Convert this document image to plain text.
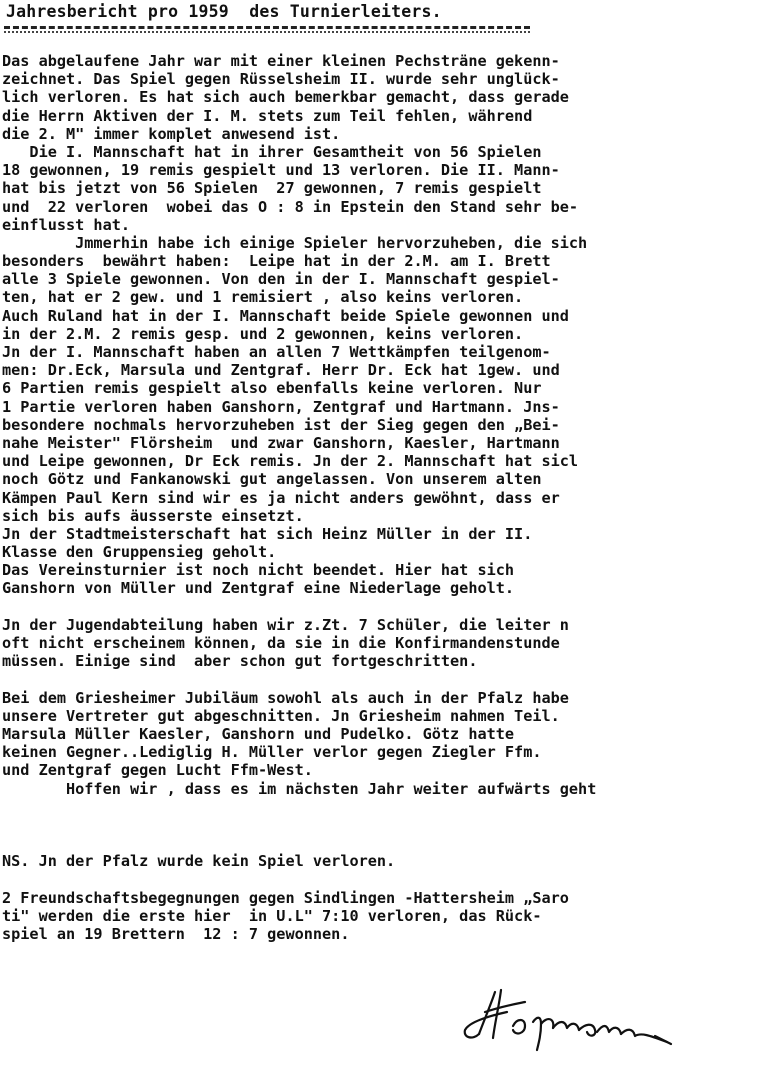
Jahresbericht pro 1959  des Turnierleiters.
Das abgelaufene Jahr war mit einer kleinen Pechsträne gekenn-
zeichnet. Das Spiel gegen Rüsselsheim II. wurde sehr unglück-
lich verloren. Es hat sich auch bemerkbar gemacht, dass gerade
die Herrn Aktiven der I. M. stets zum Teil fehlen, während
die 2. M" immer komplet anwesend ist.
Die I. Mannschaft hat in ihrer Gesamtheit von 56 Spielen
18 gewonnen, 19 remis gespielt und 13 verloren. Die II. Mann-
hat bis jetzt von 56 Spielen  27 gewonnen, 7 remis gespielt
und  22 verloren  wobei das O : 8 in Epstein den Stand sehr be-
einflusst hat.
Jmmerhin habe ich einige Spieler hervorzuheben, die sich
besonders  bewährt haben:  Leipe hat in der 2.M. am I. Brett
alle 3 Spiele gewonnen. Von den in der I. Mannschaft gespiel-
ten, hat er 2 gew. und 1 remisiert , also keins verloren.
Auch Ruland hat in der I. Mannschaft beide Spiele gewonnen und
in der 2.M. 2 remis gesp. und 2 gewonnen, keins verloren.
Jn der I. Mannschaft haben an allen 7 Wettkämpfen teilgenom-
men: Dr.Eck, Marsula und Zentgraf. Herr Dr. Eck hat 1gew. und
6 Partien remis gespielt also ebenfalls keine verloren. Nur
1 Partie verloren haben Ganshorn, Zentgraf und Hartmann. Jns-
besondere nochmals hervorzuheben ist der Sieg gegen den „Bei-
nahe Meister" Flörsheim  und zwar Ganshorn, Kaesler, Hartmann
und Leipe gewonnen, Dr Eck remis. Jn der 2. Mannschaft hat sicl
noch Götz und Fankanowski gut angelassen. Von unserem alten
Kämpen Paul Kern sind wir es ja nicht anders gewöhnt, dass er
sich bis aufs äusserste einsetzt.
Jn der Stadtmeisterschaft hat sich Heinz Müller in der II.
Klasse den Gruppensieg geholt.
Das Vereinsturnier ist noch nicht beendet. Hier hat sich
Ganshorn von Müller und Zentgraf eine Niederlage geholt.
Jn der Jugendabteilung haben wir z.Zt. 7 Schüler, die leiter n
oft nicht erscheinem können, da sie in die Konfirmandenstunde
müssen. Einige sind  aber schon gut fortgeschritten.
Bei dem Griesheimer Jubiläum sowohl als auch in der Pfalz habe
unsere Vertreter gut abgeschnitten. Jn Griesheim nahmen Teil.
Marsula Müller Kaesler, Ganshorn und Pudelko. Götz hatte
keinen Gegner..Lediglig H. Müller verlor gegen Ziegler Ffm.
und Zentgraf gegen Lucht Ffm-West.
Hoffen wir , dass es im nächsten Jahr weiter aufwärts geht
NS. Jn der Pfalz wurde kein Spiel verloren.
2 Freundschaftsbegegnungen gegen Sindlingen -Hattersheim „Saro
ti" werden die erste hier  in U.L" 7:10 verloren, das Rück-
spiel an 19 Brettern  12 : 7 gewonnen.
